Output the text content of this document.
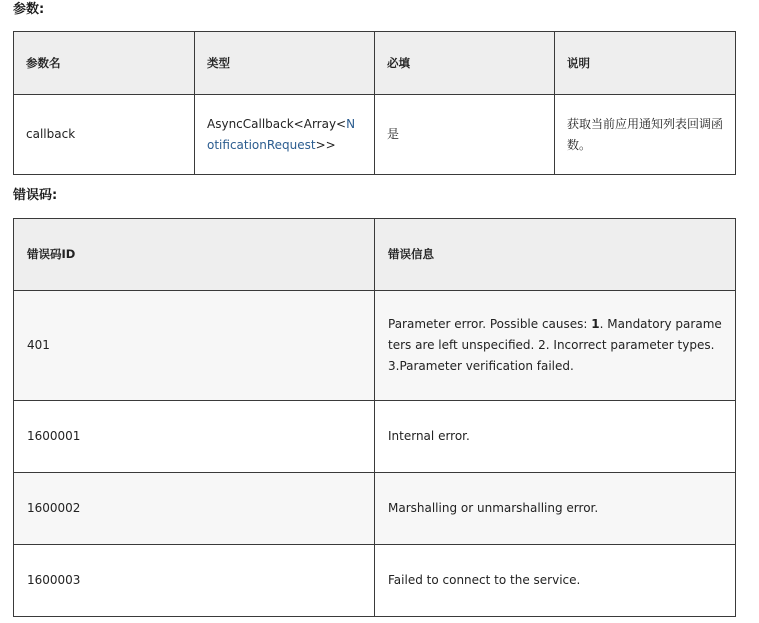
参数:
参数名	类型	必填	说明
callback	AsyncCallback<Array<NotificationRequest>>	是	获取当前应用通知列表回调函数。
错误码:
错误码ID	错误信息
401	Parameter error. Possible causes: 1. Mandatory parameters are left unspecified. 2. Incorrect parameter types. 3.Parameter verification failed.
1600001	Internal error.
1600002	Marshalling or unmarshalling error.
1600003	Failed to connect to the service.
